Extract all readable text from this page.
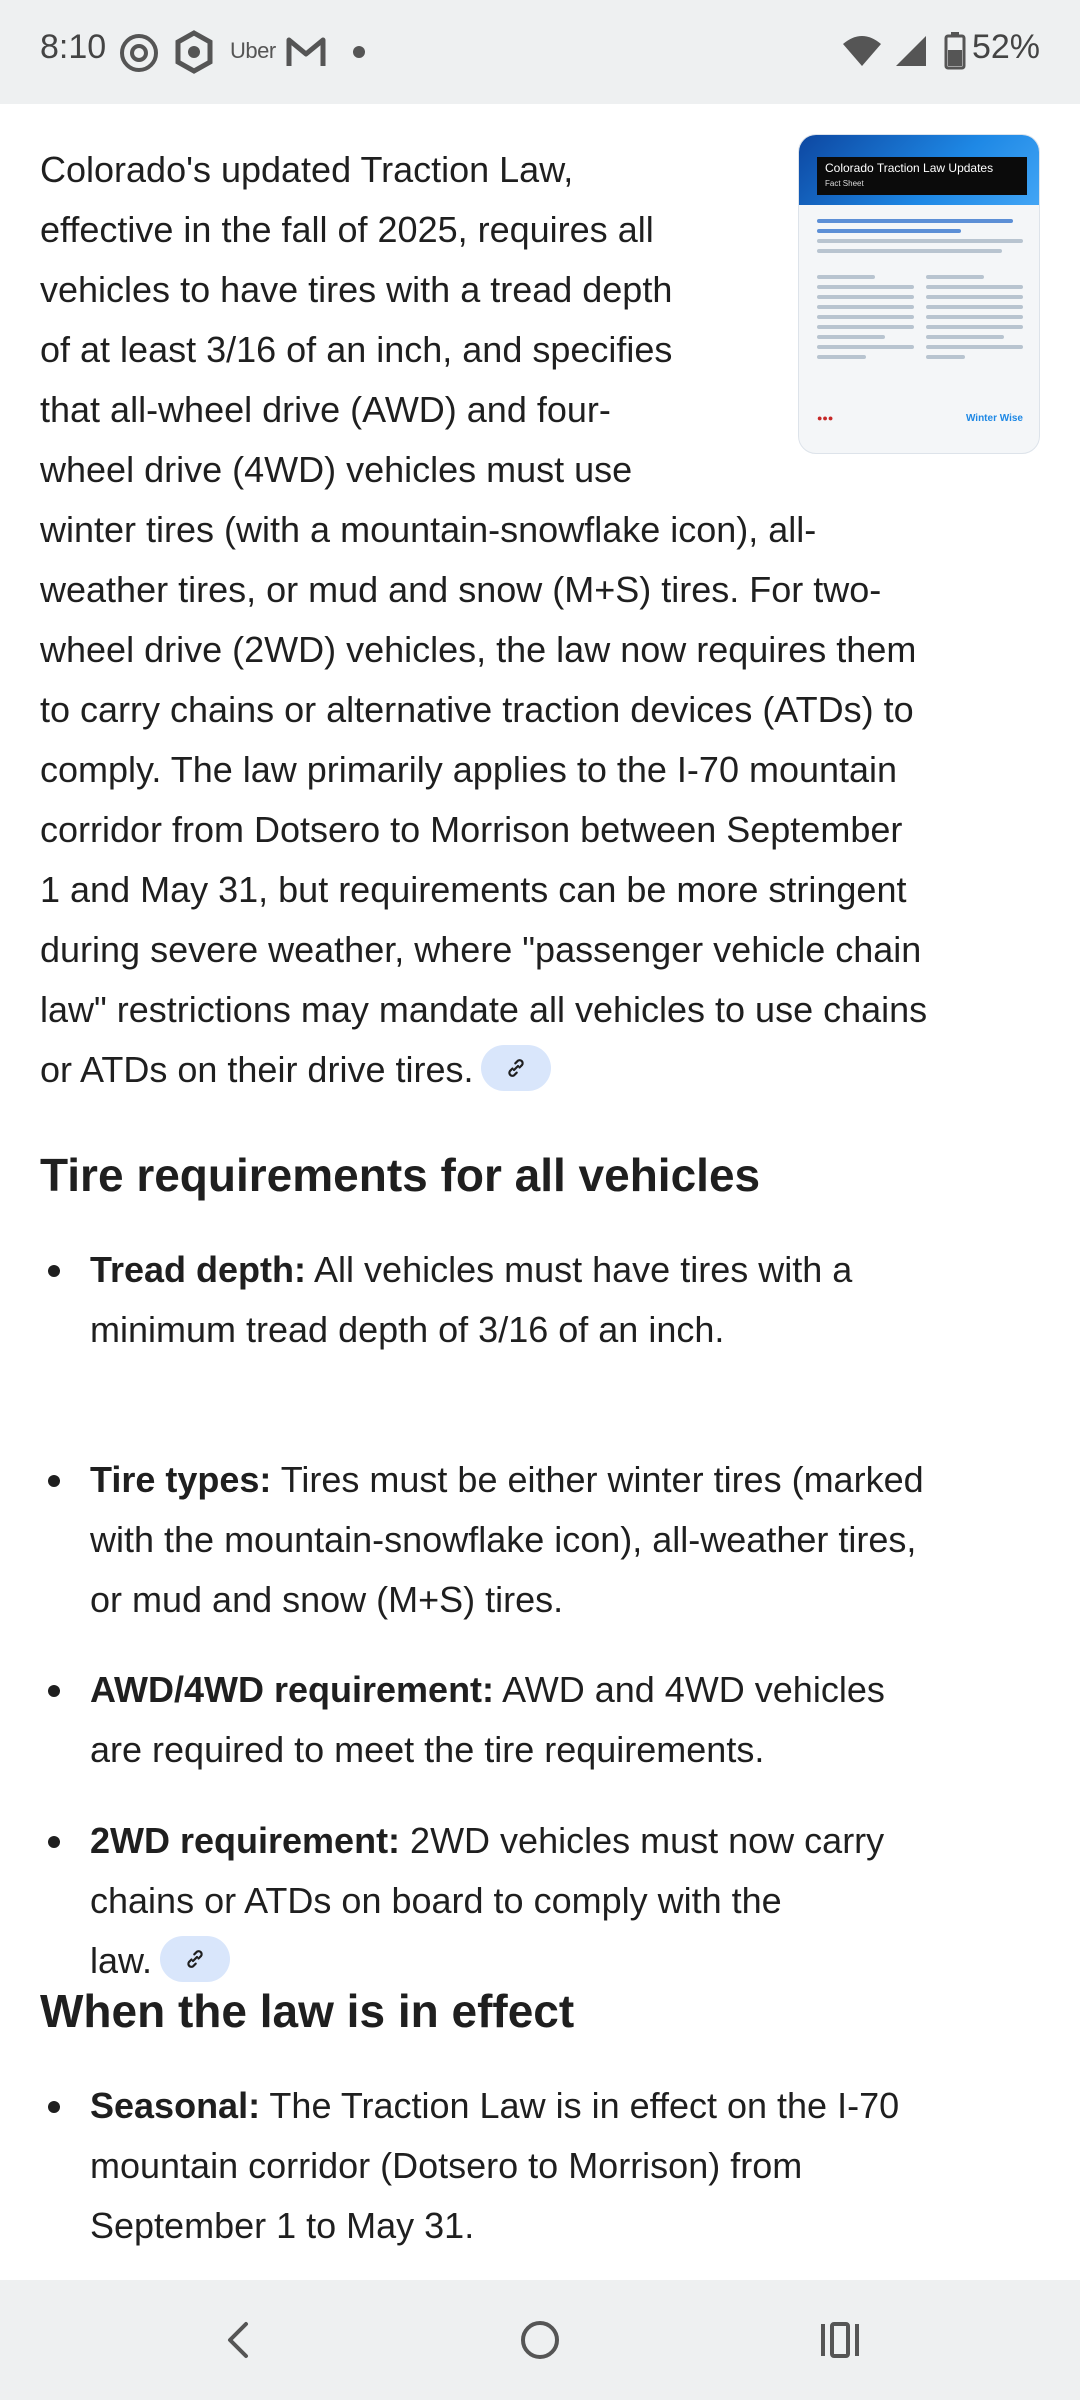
8:10	Uber	52%
Colorado Traction Law Updates
Fact Sheet
●●●	Winter Wise
Colorado's updated Traction Law,
effective in the fall of 2025, requires all
vehicles to have tires with a tread depth
of at least 3/16 of an inch, and specifies
that all-wheel drive (AWD) and four-
wheel drive (4WD) vehicles must use
winter tires (with a mountain-snowflake icon), all-
weather tires, or mud and snow (M+S) tires. For two-
wheel drive (2WD) vehicles, the law now requires them
to carry chains or alternative traction devices (ATDs) to
comply. The law primarily applies to the I-70 mountain
corridor from Dotsero to Morrison between September
1 and May 31, but requirements can be more stringent
during severe weather, where "passenger vehicle chain
law" restrictions may mandate all vehicles to use chains
or ATDs on their drive tires.
Tire requirements for all vehicles
Tread depth: All vehicles must have tires with a
minimum tread depth of 3/16 of an inch.
Tire types: Tires must be either winter tires (marked
with the mountain-snowflake icon), all-weather tires,
or mud and snow (M+S) tires.
AWD/4WD requirement: AWD and 4WD vehicles
are required to meet the tire requirements.
2WD requirement: 2WD vehicles must now carry
chains or ATDs on board to comply with the
law.
When the law is in effect
Seasonal: The Traction Law is in effect on the I-70
mountain corridor (Dotsero to Morrison) from
September 1 to May 31.
